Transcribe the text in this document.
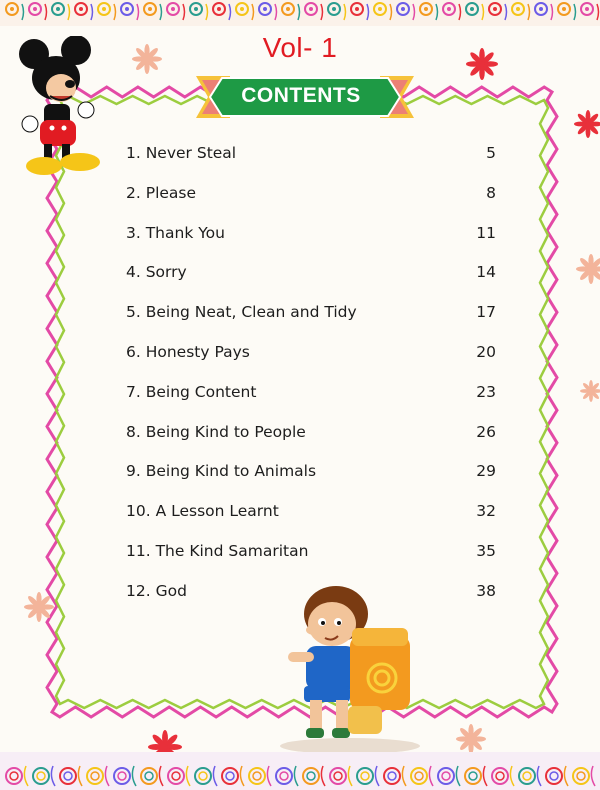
Vol- 1
CONTENTS
1. Never Steal	5
2. Please	8
3. Thank You	11
4. Sorry	14
5. Being Neat, Clean and Tidy	17
6. Honesty Pays	20
7. Being Content	23
8. Being Kind to People	26
9. Being Kind to Animals	29
10. A Lesson Learnt	32
11. The Kind Samaritan	35
12. God	38
